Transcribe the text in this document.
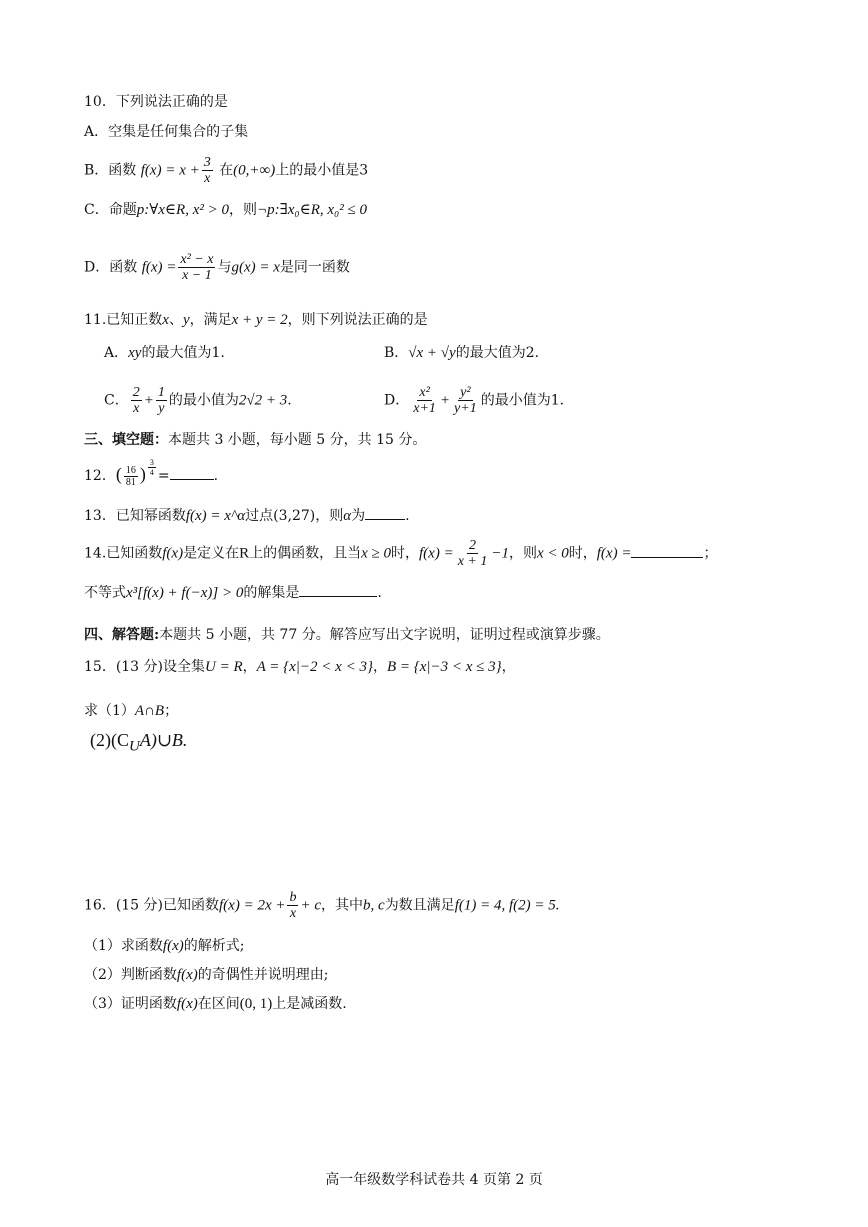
10．下列说法正确的是
A．空集是任何集合的子集
B．函数 $f(x) = x + \frac{3}{x}$ 在(0,+∞)上的最小值是3
C．命题p:∀x∈R, x² > 0，则¬p:∃x₀∈R, x₀² ≤ 0
D．函数 $f(x) = \frac{\text{x² − x}}{x - 1}$ 与g(x) = x是同一函数
11.已知正数x、y，满足x + y = 2，则下列说法正确的是
A．xy的最大值为1.	B．√x + √y的最大值为2.
C． $\frac{2}{x} + \frac{1}{y}$ 的最小值为2√2 + 3.	D． $\frac{\text{x²}}{x+1} + \frac{\text{y²}}{y+1}$ 的最小值为1.
三、填空题：本题共 3 小题，每小题 5 分，共 15 分。
12．( $\frac{16}{81}$ ) $\frac{3}{4}$ =	.
13．已知幂函数f(x) = x^α过点(3,27)，则α为	.
14.已知函数f(x)是定义在R上的偶函数，且当x ≥ 0时，$f(x) = \frac{2}{x + 1} -1$，则x < 0时，f(x) =	；
不等式x³[f(x) + f(−x)] > 0的解集是	.
四、解答题:本题共 5 小题，共 77 分。解答应写出文字说明，证明过程或演算步骤。
15．(13 分)设全集U = R，A = {x|−2 < x < 3}，B = {x|−3 < x ≤ 3}，
求（1）A∩B；
$(2)(C_UA)\cup B$.
16．(15 分)已知函数$f(x) = 2x + \frac{b}{x} + c$，其中b, c为数且满足f(1) = 4, f(2) = 5.
（1）求函数f(x)的解析式;
（2）判断函数f(x)的奇偶性并说明理由;
（3）证明函数f(x)在区间(0, 1)上是减函数.
高一年级数学科试卷共 4 页第 2 页
